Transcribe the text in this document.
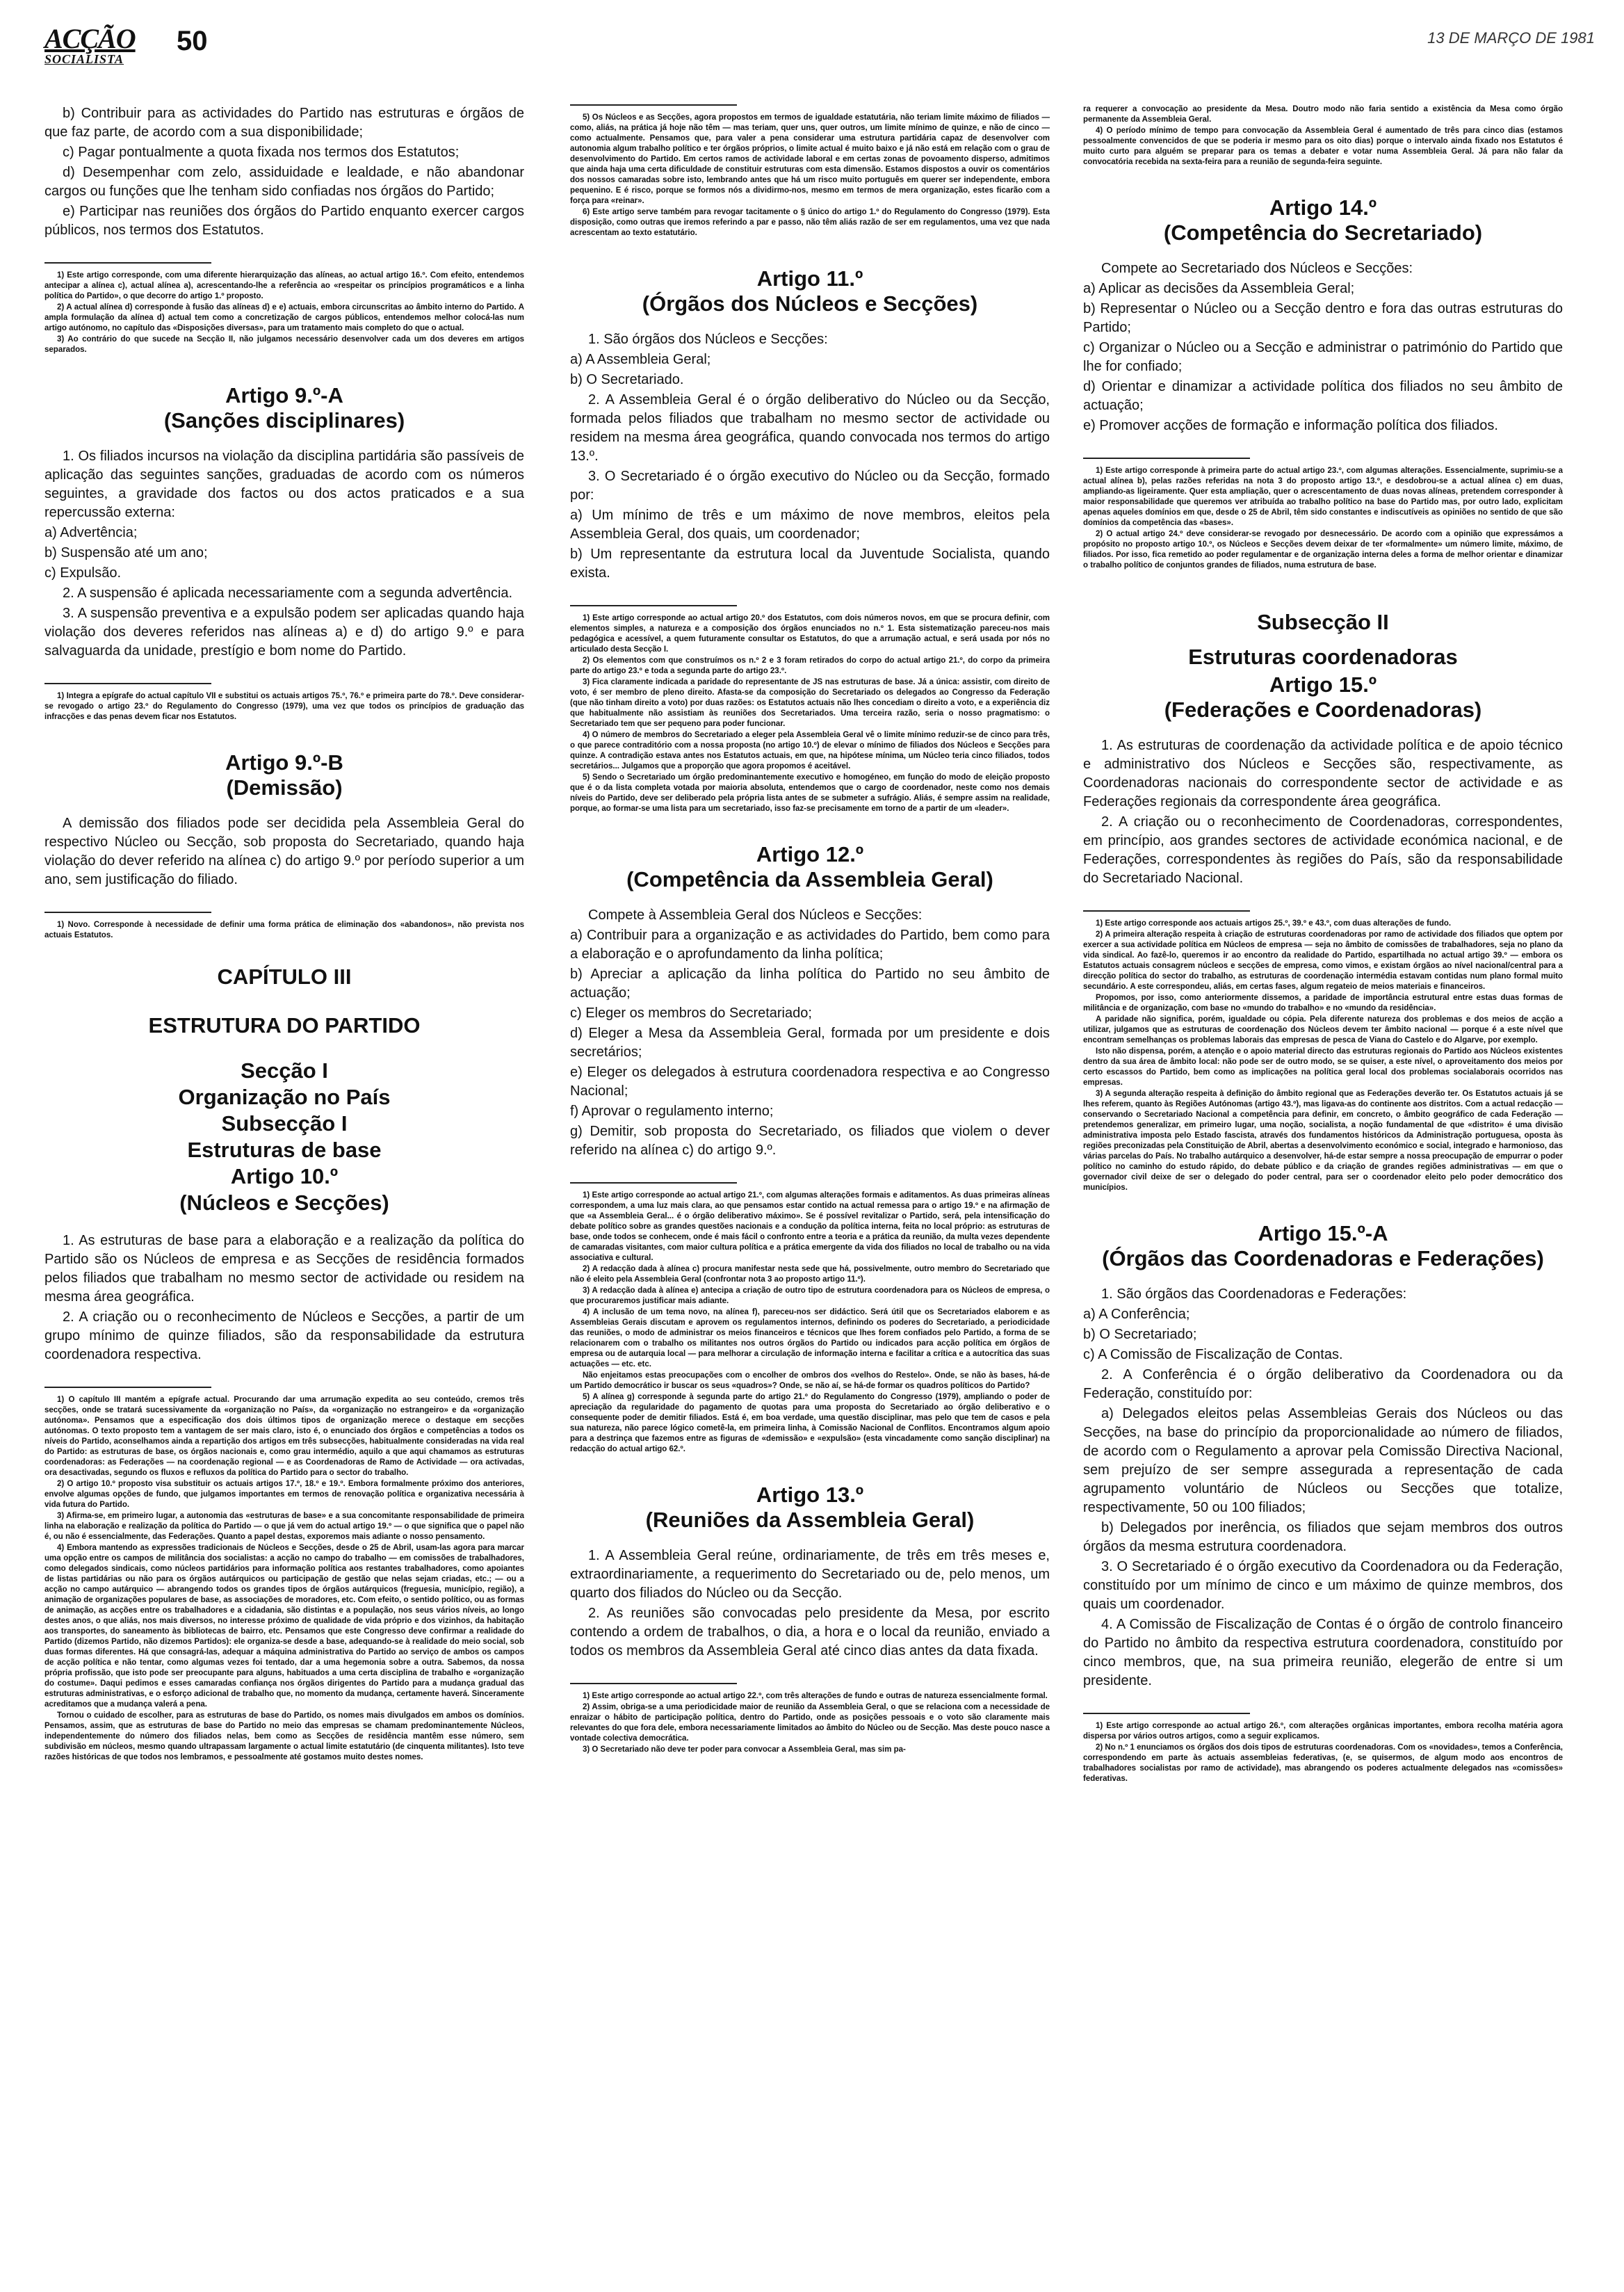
ACÇÃO
SOCIALISTA
50	13 DE MARÇO DE 1981

b) Contribuir para as actividades do Partido nas estruturas e órgãos de que faz parte, de acordo com a sua disponibilidade;

c) Pagar pontualmente a quota fixada nos termos dos Estatutos;

d) Desempenhar com zelo, assiduidade e lealdade, e não abandonar cargos ou funções que lhe tenham sido confiadas nos órgãos do Partido;

e) Participar nas reuniões dos órgãos do Partido enquanto exercer cargos públicos, nos termos dos Estatutos.

1) Este artigo corresponde, com uma diferente hierarquização das alíneas, ao actual artigo 16.º. Com efeito, entendemos antecipar a alínea c), actual alínea a), acrescentando-lhe a referência ao «respeitar os princípios programáticos e a linha política do Partido», o que decorre do artigo 1.º proposto.

2) A actual alínea d) corresponde à fusão das alíneas d) e e) actuais, embora circunscritas ao âmbito interno do Partido. A ampla formulação da alínea d) actual tem como a concretização de cargos públicos, entendemos melhor colocá-las num artigo autónomo, no capítulo das «Disposições diversas», para um tratamento mais completo do que o actual.

3) Ao contrário do que sucede na Secção II, não julgamos necessário desenvolver cada um dos deveres em artigos separados.

Artigo 9.º-A
(Sanções disciplinares)

1. Os filiados incursos na violação da disciplina partidária são passíveis de aplicação das seguintes sanções, graduadas de acordo com os números seguintes, a gravidade dos factos ou dos actos praticados e a sua repercussão externa:

a) Advertência;

b) Suspensão até um ano;

c) Expulsão.

2. A suspensão é aplicada necessariamente com a segunda advertência.

3. A suspensão preventiva e a expulsão podem ser aplicadas quando haja violação dos deveres referidos nas alíneas a) e d) do artigo 9.º e para salvaguarda da unidade, prestígio e bom nome do Partido.

1) Integra a epígrafe do actual capítulo VII e substitui os actuais artigos 75.º, 76.º e primeira parte do 78.º. Deve considerar-se revogado o artigo 23.º do Regulamento do Congresso (1979), uma vez que todos os princípios de graduação das infracções e das penas devem ficar nos Estatutos.

Artigo 9.º-B
(Demissão)

A demissão dos filiados pode ser decidida pela Assembleia Geral do respectivo Núcleo ou Secção, sob proposta do Secretariado, quando haja violação do dever referido na alínea c) do artigo 9.º por período superior a um ano, sem justificação do filiado.

1) Novo. Corresponde à necessidade de definir uma forma prática de eliminação dos «abandonos», não prevista nos actuais Estatutos.

CAPÍTULO III
ESTRUTURA DO PARTIDO
Secção I
Organização no País
Subsecção I
Estruturas de base
Artigo 10.º
(Núcleos e Secções)

1. As estruturas de base para a elaboração e a realização da política do Partido são os Núcleos de empresa e as Secções de residência formados pelos filiados que trabalham no mesmo sector de actividade ou residem na mesma área geográfica.

2. A criação ou o reconhecimento de Núcleos e Secções, a partir de um grupo mínimo de quinze filiados, são da responsabilidade da estrutura coordenadora respectiva.

1) O capítulo III mantém a epígrafe actual. Procurando dar uma arrumação expedita ao seu conteúdo, cremos três secções, onde se tratará sucessivamente da «organização no País», da «organização no estrangeiro» e da «organização autónoma». Pensamos que a especificação dos dois últimos tipos de organização merece o destaque em secções autónomas. O texto proposto tem a vantagem de ser mais claro, isto é, o enunciado dos órgãos e competências a todos os níveis do Partido, aconselhamos ainda a repartição dos artigos em três subsecções, habitualmente consideradas na vida real do Partido: as estruturas de base, os órgãos nacionais e, como grau intermédio, aquilo a que aqui chamamos as estruturas coordenadoras: as Federações — na coordenação regional — e as Coordenadoras de Ramo de Actividade — ora activadas, ora desactivadas, segundo os fluxos e refluxos da política do Partido para o sector do trabalho.

2) O artigo 10.º proposto visa substituir os actuais artigos 17.º, 18.º e 19.º. Embora formalmente próximo dos anteriores, envolve algumas opções de fundo, que julgamos importantes em termos de renovação política e organizativa necessária à vida futura do Partido.

3) Afirma-se, em primeiro lugar, a autonomia das «estruturas de base» e a sua concomitante responsabilidade de primeira linha na elaboração e realização da política do Partido — o que já vem do actual artigo 19.º — o que significa que o papel não é, ou não é essencialmente, das Federações. Quanto a papel destas, exporemos mais adiante o nosso pensamento.

4) Embora mantendo as expressões tradicionais de Núcleos e Secções, desde o 25 de Abril, usam-las agora para marcar uma opção entre os campos de militância dos socialistas: a acção no campo do trabalho — em comissões de trabalhadores, como delegados sindicais, como núcleos partidários para informação política aos restantes trabalhadores, como apoiantes de listas partidárias ou não para os órgãos autárquicos ou participação de gestão que nelas sejam criadas, etc.; — ou a acção no campo autárquico — abrangendo todos os grandes tipos de órgãos autárquicos (freguesia, município, região), a animação de organizações populares de base, as associações de moradores, etc. Com efeito, o sentido político, ou as formas de animação, as acções entre os trabalhadores e a cidadania, são distintas e a população, nos seus vários níveis, ao longo destes anos, o que aliás, nos mais diversos, no interesse próximo de qualidade de vida próprio e dos vizinhos, da habitação aos transportes, do saneamento às bibliotecas de bairro, etc. Pensamos que este Congresso deve confirmar a realidade do Partido (dizemos Partido, não dizemos Partidos): ele organiza-se desde a base, adequando-se à realidade do meio social, sob duas formas diferentes. Há que consagrá-las, adequar a máquina administrativa do Partido ao serviço de ambos os campos de acção política e não tentar, como algumas vezes foi tentado, dar a uma hegemonia sobre a outra. Sabemos, da nossa própria profissão, que isto pode ser preocupante para alguns, habituados a uma certa disciplina de trabalho e «organização do costume». Daqui pedimos e esses camaradas confiança nos órgãos dirigentes do Partido para a mudança gradual das estruturas administrativas, e o esforço adicional de trabalho que, no momento da mudança, certamente haverá. Sinceramente acreditamos que a mudança valerá a pena.

Tornou o cuidado de escolher, para as estruturas de base do Partido, os nomes mais divulgados em ambos os domínios. Pensamos, assim, que as estruturas de base do Partido no meio das empresas se chamam predominantemente Núcleos, independentemente do número dos filiados nelas, bem como as Secções de residência mantêm esse número, sem subdivisão em núcleos, mesmo quando ultrapassam largamente o actual limite estatutário (de cinquenta militantes). Isto teve razões históricas de que todos nos lembramos, e pessoalmente até gostamos muito destes nomes.

5) Os Núcleos e as Secções, agora propostos em termos de igualdade estatutária, não teriam limite máximo de filiados — como, aliás, na prática já hoje não têm — mas teriam, quer uns, quer outros, um limite mínimo de quinze, e não de cinco — como actualmente. Pensamos que, para valer a pena considerar uma estrutura partidária capaz de desenvolver com autonomia algum trabalho político e ter órgãos próprios, o limite actual é muito baixo e já não está em relação com o grau de desenvolvimento do Partido. Em certos ramos de actividade laboral e em certas zonas de povoamento disperso, admitimos que ainda haja uma certa dificuldade de constituir estruturas com esta dimensão. Estamos dispostos a ouvir os comentários dos nossos camaradas sobre isto, lembrando antes que há um risco muito português em querer ser independente, embora pequenino. E é risco, porque se formos nós a dividirmo-nos, mesmo em termos de mera organização, estes ficarão com a força para «reinar».

6) Este artigo serve também para revogar tacitamente o § único do artigo 1.º do Regulamento do Congresso (1979). Esta disposição, como outras que iremos referindo a par e passo, não têm aliás razão de ser em regulamentos, uma vez que nada acrescentam ao texto estatutário.

Artigo 11.º
(Órgãos dos Núcleos e Secções)

1. São órgãos dos Núcleos e Secções:

a) A Assembleia Geral;

b) O Secretariado.

2. A Assembleia Geral é o órgão deliberativo do Núcleo ou da Secção, formada pelos filiados que trabalham no mesmo sector de actividade ou residem na mesma área geográfica, quando convocada nos termos do artigo 13.º.

3. O Secretariado é o órgão executivo do Núcleo ou da Secção, formado por:

a) Um mínimo de três e um máximo de nove membros, eleitos pela Assembleia Geral, dos quais, um coordenador;

b) Um representante da estrutura local da Juventude Socialista, quando exista.

1) Este artigo corresponde ao actual artigo 20.º dos Estatutos, com dois números novos, em que se procura definir, com elementos simples, a natureza e a composição dos órgãos enunciados no n.º 1. Esta sistematização pareceu-nos mais pedagógica e acessível, a quem futuramente consultar os Estatutos, do que a arrumação actual, e será usada por nós no articulado desta Secção I.

2) Os elementos com que construímos os n.º 2 e 3 foram retirados do corpo do actual artigo 21.º, do corpo da primeira parte do artigo 23.º e toda a segunda parte do artigo 23.º.

3) Fica claramente indicada a paridade do representante de JS nas estruturas de base. Já a única: assistir, com direito de voto, é ser membro de pleno direito. Afasta-se da composição do Secretariado os delegados ao Congresso da Federação (que não tinham direito a voto) por duas razões: os Estatutos actuais não lhes concediam o direito a voto, e a experiência diz que habitualmente não assistiam às reuniões dos Secretariados. Uma terceira razão, seria o nosso pragmatismo: o Secretariado tem que ser pequeno para poder funcionar.

4) O número de membros do Secretariado a eleger pela Assembleia Geral vê o limite mínimo reduzir-se de cinco para três, o que parece contraditório com a nossa proposta (no artigo 10.º) de elevar o mínimo de filiados dos Núcleos e Secções para quinze. A contradição estava antes nos Estatutos actuais, em que, na hipótese mínima, um Núcleo teria cinco filiados, todos secretários... Julgamos que a proporção que agora propomos é aceitável.

5) Sendo o Secretariado um órgão predominantemente executivo e homogéneo, em função do modo de eleição proposto que é o da lista completa votada por maioria absoluta, entendemos que o cargo de coordenador, neste como nos demais níveis do Partido, deve ser deliberado pela própria lista antes de se submeter a sufrágio. Aliás, é sempre assim na realidade, porque, ao formar-se uma lista para um secretariado, isso faz-se precisamente em torno de a partir de um «leader».

Artigo 12.º
(Competência da Assembleia Geral)

Compete à Assembleia Geral dos Núcleos e Secções:

a) Contribuir para a organização e as actividades do Partido, bem como para a elaboração e o aprofundamento da linha política;

b) Apreciar a aplicação da linha política do Partido no seu âmbito de actuação;

c) Eleger os membros do Secretariado;

d) Eleger a Mesa da Assembleia Geral, formada por um presidente e dois secretários;

e) Eleger os delegados à estrutura coordenadora respectiva e ao Congresso Nacional;

f) Aprovar o regulamento interno;

g) Demitir, sob proposta do Secretariado, os filiados que violem o dever referido na alínea c) do artigo 9.º.

1) Este artigo corresponde ao actual artigo 21.º, com algumas alterações formais e aditamentos. As duas primeiras alíneas correspondem, a uma luz mais clara, ao que pensamos estar contido na actual remessa para o artigo 19.º e na afirmação de que «a Assembleia Geral... é o órgão deliberativo máximo». Se é possível revitalizar o Partido, será, pela intensificação do debate político sobre as grandes questões nacionais e a condução da política interna, feita no local próprio: as estruturas de base, onde todos se conhecem, onde é mais fácil o confronto entre a teoria e a prática da reunião, da multa vezes dependente de camaradas visitantes, com maior cultura política e a prática emergente da vida dos filiados no local de trabalho ou na vida associativa e cultural.

2) A redacção dada à alínea c) procura manifestar nesta sede que há, possivelmente, outro membro do Secretariado que não é eleito pela Assembleia Geral (confrontar nota 3 ao proposto artigo 11.º).

3) A redacção dada à alínea e) antecipa a criação de outro tipo de estrutura coordenadora para os Núcleos de empresa, o que procuraremos justificar mais adiante.

4) A inclusão de um tema novo, na alínea f), pareceu-nos ser didáctico. Será útil que os Secretariados elaborem e as Assembleias Gerais discutam e aprovem os regulamentos internos, definindo os poderes do Secretariado, a periodicidade das reuniões, o modo de administrar os meios financeiros e técnicos que lhes forem confiados pelo Partido, a forma de se relacionarem com o trabalho os militantes nos outros órgãos do Partido ou indicados para acção política em órgãos de empresa ou de autarquia local — para melhorar a circulação de informação interna e facilitar a crítica e a autocrítica das suas actuações — etc. etc.

Não enjeitamos estas preocupações com o encolher de ombros dos «velhos do Restelo». Onde, se não às bases, há-de um Partido democrático ir buscar os seus «quadros»? Onde, se não aí, se há-de formar os quadros políticos do Partido?

5) A alínea g) corresponde à segunda parte do artigo 21.º do Regulamento do Congresso (1979), ampliando o poder de apreciação da regularidade do pagamento de quotas para uma proposta do Secretariado ao órgão deliberativo e o consequente poder de demitir filiados. Está é, em boa verdade, uma questão disciplinar, mas pelo que tem de casos e pela sua natureza, não parece lógico cometê-la, em primeira linha, à Comissão Nacional de Conflitos. Encontramos algum apoio para a destrinça que fazemos entre as figuras de «demissão» e «expulsão» (esta vincadamente como sanção disciplinar) na redacção do actual artigo 62.º.

Artigo 13.º
(Reuniões da Assembleia Geral)

1. A Assembleia Geral reúne, ordinariamente, de três em três meses e, extraordinariamente, a requerimento do Secretariado ou de, pelo menos, um quarto dos filiados do Núcleo ou da Secção.

2. As reuniões são convocadas pelo presidente da Mesa, por escrito contendo a ordem de trabalhos, o dia, a hora e o local da reunião, enviado a todos os membros da Assembleia Geral até cinco dias antes da data fixada.

1) Este artigo corresponde ao actual artigo 22.º, com três alterações de fundo e outras de natureza essencialmente formal.

2) Assim, obriga-se a uma periodicidade maior de reunião da Assembleia Geral, o que se relaciona com a necessidade de enraizar o hábito de participação política, dentro do Partido, onde as posições pessoais e o voto são claramente mais relevantes do que fora dele, embora necessariamente limitados ao âmbito do Núcleo ou de Secção. Mas deste pouco nasce a vontade colectiva democrática.

3) O Secretariado não deve ter poder para convocar a Assembleia Geral, mas sim pa-

ra requerer a convocação ao presidente da Mesa. Doutro modo não faria sentido a existência da Mesa como órgão permanente da Assembleia Geral.

4) O período mínimo de tempo para convocação da Assembleia Geral é aumentado de três para cinco dias (estamos pessoalmente convencidos de que se poderia ir mesmo para os oito dias) porque o intervalo ainda fixado nos Estatutos é muito curto para alguém se preparar para os temas a debater e votar numa Assembleia Geral. Já para não falar da convocatória recebida na sexta-feira para a reunião de segunda-feira seguinte.

Artigo 14.º
(Competência do Secretariado)

Compete ao Secretariado dos Núcleos e Secções:

a) Aplicar as decisões da Assembleia Geral;

b) Representar o Núcleo ou a Secção dentro e fora das outras estruturas do Partido;

c) Organizar o Núcleo ou a Secção e administrar o património do Partido que lhe for confiado;

d) Orientar e dinamizar a actividade política dos filiados no seu âmbito de actuação;

e) Promover acções de formação e informação política dos filiados.

1) Este artigo corresponde à primeira parte do actual artigo 23.º, com algumas alterações. Essencialmente, suprimiu-se a actual alínea b), pelas razões referidas na nota 3 do proposto artigo 13.º, e desdobrou-se a actual alínea c) em duas, ampliando-as ligeiramente. Quer esta ampliação, quer o acrescentamento de duas novas alíneas, pretendem corresponder à maior responsabilidade que queremos ver atribuída ao trabalho político na base do Partido mas, por outro lado, explicitam apenas aqueles domínios em que, desde o 25 de Abril, têm sido constantes e indiscutíveis as opiniões no sentido de que são domínios da competência das «bases».

2) O actual artigo 24.º deve considerar-se revogado por desnecessário. De acordo com a opinião que expressámos a propósito no proposto artigo 10.º, os Núcleos e Secções devem deixar de ter «formalmente» um número limite, máximo, de filiados. Por isso, fica remetido ao poder regulamentar e de organização interna deles a forma de melhor orientar e dinamizar o trabalho político de conjuntos grandes de filiados, numa estrutura de base.

Subsecção II
Estruturas coordenadoras
Artigo 15.º
(Federações e Coordenadoras)

1. As estruturas de coordenação da actividade política e de apoio técnico e administrativo dos Núcleos e Secções são, respectivamente, as Coordenadoras nacionais do correspondente sector de actividade e as Federações regionais da correspondente área geográfica.

2. A criação ou o reconhecimento de Coordenadoras, correspondentes, em princípio, aos grandes sectores de actividade económica nacional, e de Federações, correspondentes às regiões do País, são da responsabilidade do Secretariado Nacional.

1) Este artigo corresponde aos actuais artigos 25.º, 39.º e 43.º, com duas alterações de fundo.

2) A primeira alteração respeita à criação de estruturas coordenadoras por ramo de actividade dos filiados que optem por exercer a sua actividade política em Núcleos de empresa — seja no âmbito de comissões de trabalhadores, seja no plano da vida sindical. Ao fazê-lo, queremos ir ao encontro da realidade do Partido, espartilhada no actual artigo 39.º — embora os Estatutos actuais consagrem núcleos e secções de empresa, como vimos, e existam órgãos ao nível nacional/central para a direcção política do sector do trabalho, as estruturas de coordenação intermédia estavam contidas num plano formal muito secundário. A este correspondeu, aliás, em certas fases, algum regateio de meios materiais e financeiros.

Propomos, por isso, como anteriormente dissemos, a paridade de importância estrutural entre estas duas formas de militância e de organização, com base no «mundo do trabalho» e no «mundo da residência».

A paridade não significa, porém, igualdade ou cópia. Pela diferente natureza dos problemas e dos meios de acção a utilizar, julgamos que as estruturas de coordenação dos Núcleos devem ter âmbito nacional — porque é a este nível que encontram semelhanças os problemas laborais das empresas de pesca de Viana do Castelo e do Algarve, por exemplo.

Isto não dispensa, porém, a atenção e o apoio material directo das estruturas regionais do Partido aos Núcleos existentes dentro da sua área de âmbito local: não pode ser de outro modo, se se quiser, a este nível, o aproveitamento dos meios por certo escassos do Partido, bem como as implicações na política geral local dos problemas socialaborais ocorridos nas empresas.

3) A segunda alteração respeita à definição do âmbito regional que as Federações deverão ter. Os Estatutos actuais já se lhes referem, quanto às Regiões Autónomas (artigo 43.º), mas ligava-as do continente aos distritos. Com a actual redacção — conservando o Secretariado Nacional a competência para definir, em concreto, o âmbito geográfico de cada Federação — pretendemos generalizar, em primeiro lugar, uma noção, socialista, a noção fundamental de que «distrito» é uma divisão administrativa imposta pelo Estado fascista, através dos fundamentos históricos da Administração portuguesa, oposta às regiões preconizadas pela Constituição de Abril, abertas a desenvolvimento económico e social, integrado e harmonioso, das várias parcelas do País. No trabalho autárquico a desenvolver, há-de estar sempre a nossa preocupação de empurrar o poder político no caminho do estudo rápido, do debate público e da criação de grandes regiões administrativas — em que o governador civil deixe de ser o delegado do poder central, para ser o coordenador eleito pelo poder democrático dos municípios.

Artigo 15.º-A
(Órgãos das Coordenadoras e Federações)

1. São órgãos das Coordenadoras e Federações:

a) A Conferência;

b) O Secretariado;

c) A Comissão de Fiscalização de Contas.

2. A Conferência é o órgão deliberativo da Coordenadora ou da Federação, constituído por:

a) Delegados eleitos pelas Assembleias Gerais dos Núcleos ou das Secções, na base do princípio da proporcionalidade ao número de filiados, de acordo com o Regulamento a aprovar pela Comissão Directiva Nacional, sem prejuízo de ser sempre assegurada a representação de cada agrupamento voluntário de Núcleos ou Secções que totalize, respectivamente, 50 ou 100 filiados;

b) Delegados por inerência, os filiados que sejam membros dos outros órgãos da mesma estrutura coordenadora.

3. O Secretariado é o órgão executivo da Coordenadora ou da Federação, constituído por um mínimo de cinco e um máximo de quinze membros, dos quais um coordenador.

4. A Comissão de Fiscalização de Contas é o órgão de controlo financeiro do Partido no âmbito da respectiva estrutura coordenadora, constituído por cinco membros, que, na sua primeira reunião, elegerão de entre si um presidente.

1) Este artigo corresponde ao actual artigo 26.º, com alterações orgânicas importantes, embora recolha matéria agora dispersa por vários outros artigos, como a seguir explicamos.

2) No n.º 1 enunciamos os órgãos dos dois tipos de estruturas coordenadoras. Com os «novidades», temos a Conferência, correspondendo em parte às actuais assembleias federativas, (e, se quisermos, de algum modo aos encontros de trabalhadores socialistas por ramo de actividade), mas abrangendo os poderes actualmente delegados nas «comissões» federativas.
